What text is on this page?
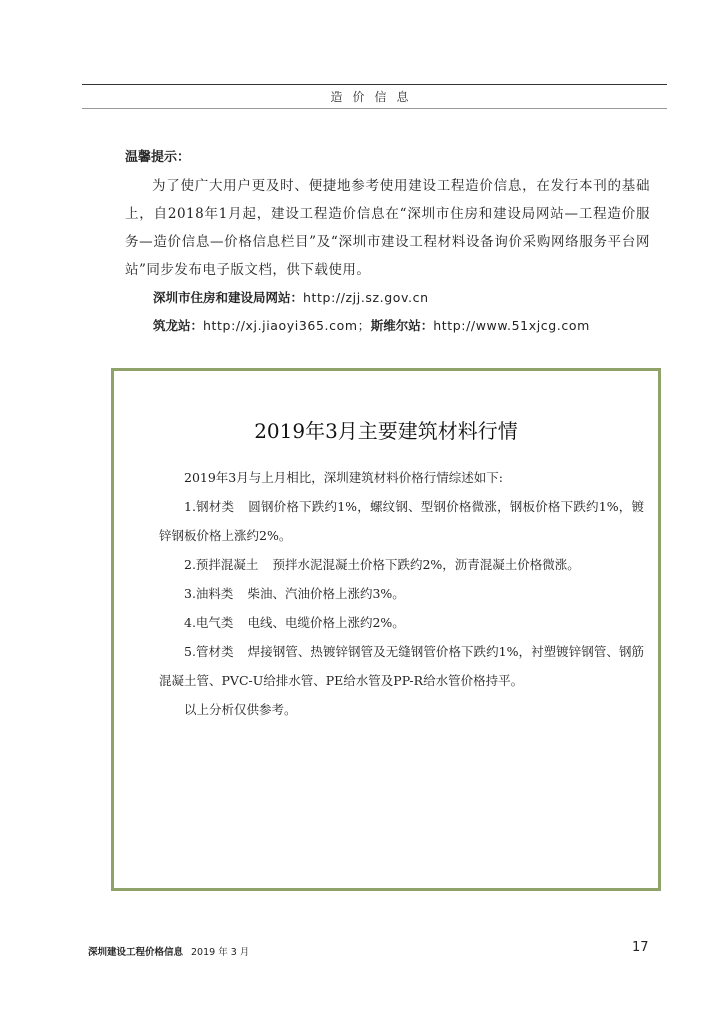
造价信息
温馨提示：
为了使广大用户更及时、便捷地参考使用建设工程造价信息，在发行本刊的基础上，自2018年1月起，建设工程造价信息在“深圳市住房和建设局网站—工程造价服务—造价信息—价格信息栏目”及“深圳市建设工程材料设备询价采购网络服务平台网站”同步发布电子版文档，供下载使用。
深圳市住房和建设局网站：http://zjj.sz.gov.cn
筑龙站：http://xj.jiaoyi365.com；斯维尔站：http://www.51xjcg.com
2019年3月主要建筑材料行情
2019年3月与上月相比，深圳建筑材料价格行情综述如下:
1.钢材类 圆钢价格下跌约1%，螺纹钢、型钢价格微涨，钢板价格下跌约1%，镀锌钢板价格上涨约2%。
2.预拌混凝土 预拌水泥混凝土价格下跌约2%，沥青混凝土价格微涨。
3.油料类 柴油、汽油价格上涨约3%。
4.电气类 电线、电缆价格上涨约2%。
5.管材类 焊接钢管、热镀锌钢管及无缝钢管价格下跌约1%，衬塑镀锌钢管、钢筋混凝土管、PVC-U给排水管、PE给水管及PP-R给水管价格持平。
以上分析仅供参考。
深圳建设工程价格信息 2019 年 3 月	17
